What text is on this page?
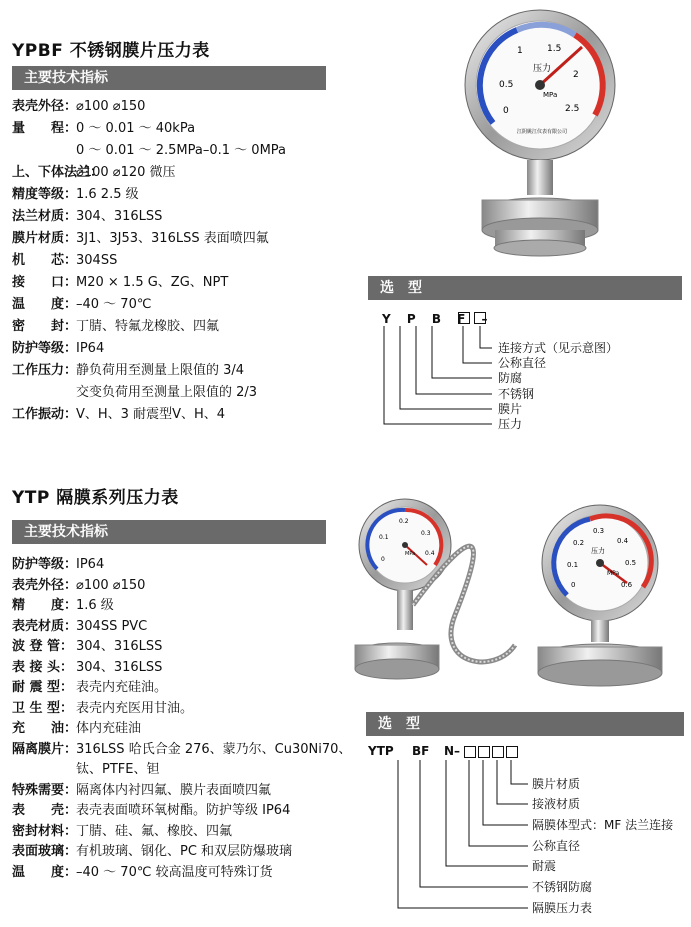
YPBF 不锈钢膜片压力表
主要技术指标
表壳外径：⌀100 ⌀150
量　　程：0 ～ 0.01 ～ 40kPa
0 ～ 0.01 ～ 2.5MPa–0.1 ～ 0MPa
上、下体法兰：⌀100 ⌀120 微压
精度等级：1.6 2.5 级
法兰材质：304、316LSS
膜片材质：3J1、3J53、316LSS 表面喷四氟
机　　芯：304SS
接　　口：M20 × 1.5 G、ZG、NPT
温　　度：–40 ～ 70℃
密　　封：丁腈、特氟龙橡胶、四氟
防护等级：IP64
工作压力：静负荷用至测量上限值的 3/4
交变负荷用至测量上限值的 2/3
工作振动：V、H、3 耐震型V、H、4
0
0.5
1	1.5
2
2.5
压力
MPa
江阴姚江仪表有限公司
选　型
Y P B F –
连接方式（见示意图）
公称直径
防腐
不锈钢
膜片
压力
YTP 隔膜系列压力表
主要技术指标
防护等级：IP64
表壳外径：⌀100 ⌀150
精　　度：1.6 级
表壳材质：304SS PVC
波 登 管： 304、316LSS
表 接 头： 304、316LSS
耐 震 型： 表壳内充硅油。
卫 生 型： 表壳内充医用甘油。
充　　油：体内充硅油
隔离膜片：316LSS 哈氏合金 276、蒙乃尔、Cu30Ni70、
钛、PTFE、钽
特殊需要：隔离体内衬四氟、膜片表面喷四氟
表　　壳：表壳表面喷环氧树酯。防护等级 IP64
密封材料：丁腈、硅、氟、橡胶、四氟
表面玻璃：有机玻璃、钢化、PC 和双层防爆玻璃
温　　度：–40 ～ 70℃ 较高温度可特殊订货
0
0.1
0.2
0.3
0.4
MPa
0
0.1
0.2
0.3
0.4
0.5
0.6
压力
MPa
选　型
YTP BF N–
膜片材质
接液材质
隔膜体型式：MF 法兰连接
公称直径
耐震
不锈钢防腐
隔膜压力表
